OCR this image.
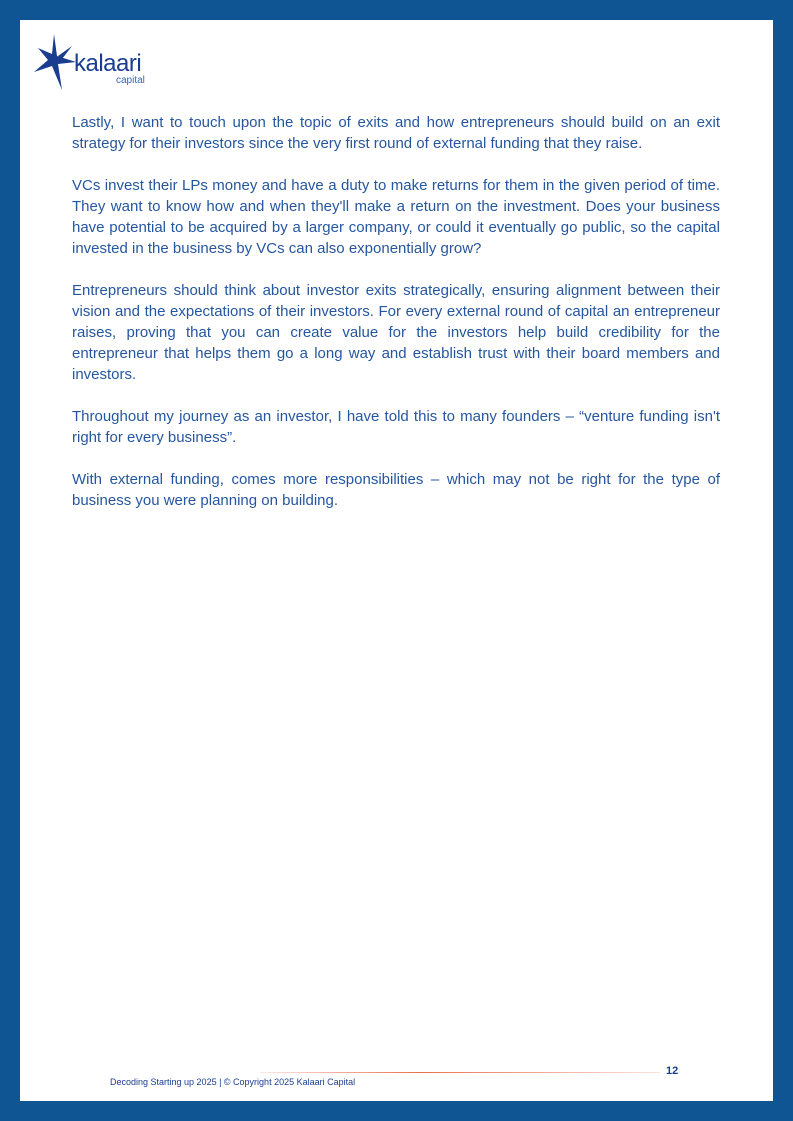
kalaari
capital

Lastly, I want to touch upon the topic of exits and how entrepreneurs should build on an exit strategy for their investors since the very first round of external funding that they raise.

VCs invest their LPs money and have a duty to make returns for them in the given period of time. They want to know how and when they'll make a return on the investment. Does your business have potential to be acquired by a larger company, or could it eventually go public, so the capital invested in the business by VCs can also exponentially grow?

Entrepreneurs should think about investor exits strategically, ensuring alignment between their vision and the expectations of their investors. For every external round of capital an entrepreneur raises, proving that you can create value for the investors help build credibility for the entrepreneur that helps them go a long way and establish trust with their board members and investors.

Throughout my journey as an investor, I have told this to many founders – “venture funding isn't right for every business”.

With external funding, comes more responsibilities – which may not be right for the type of business you were planning on building.

Decoding Starting up 2025 | © Copyright 2025 Kalaari Capital
12
